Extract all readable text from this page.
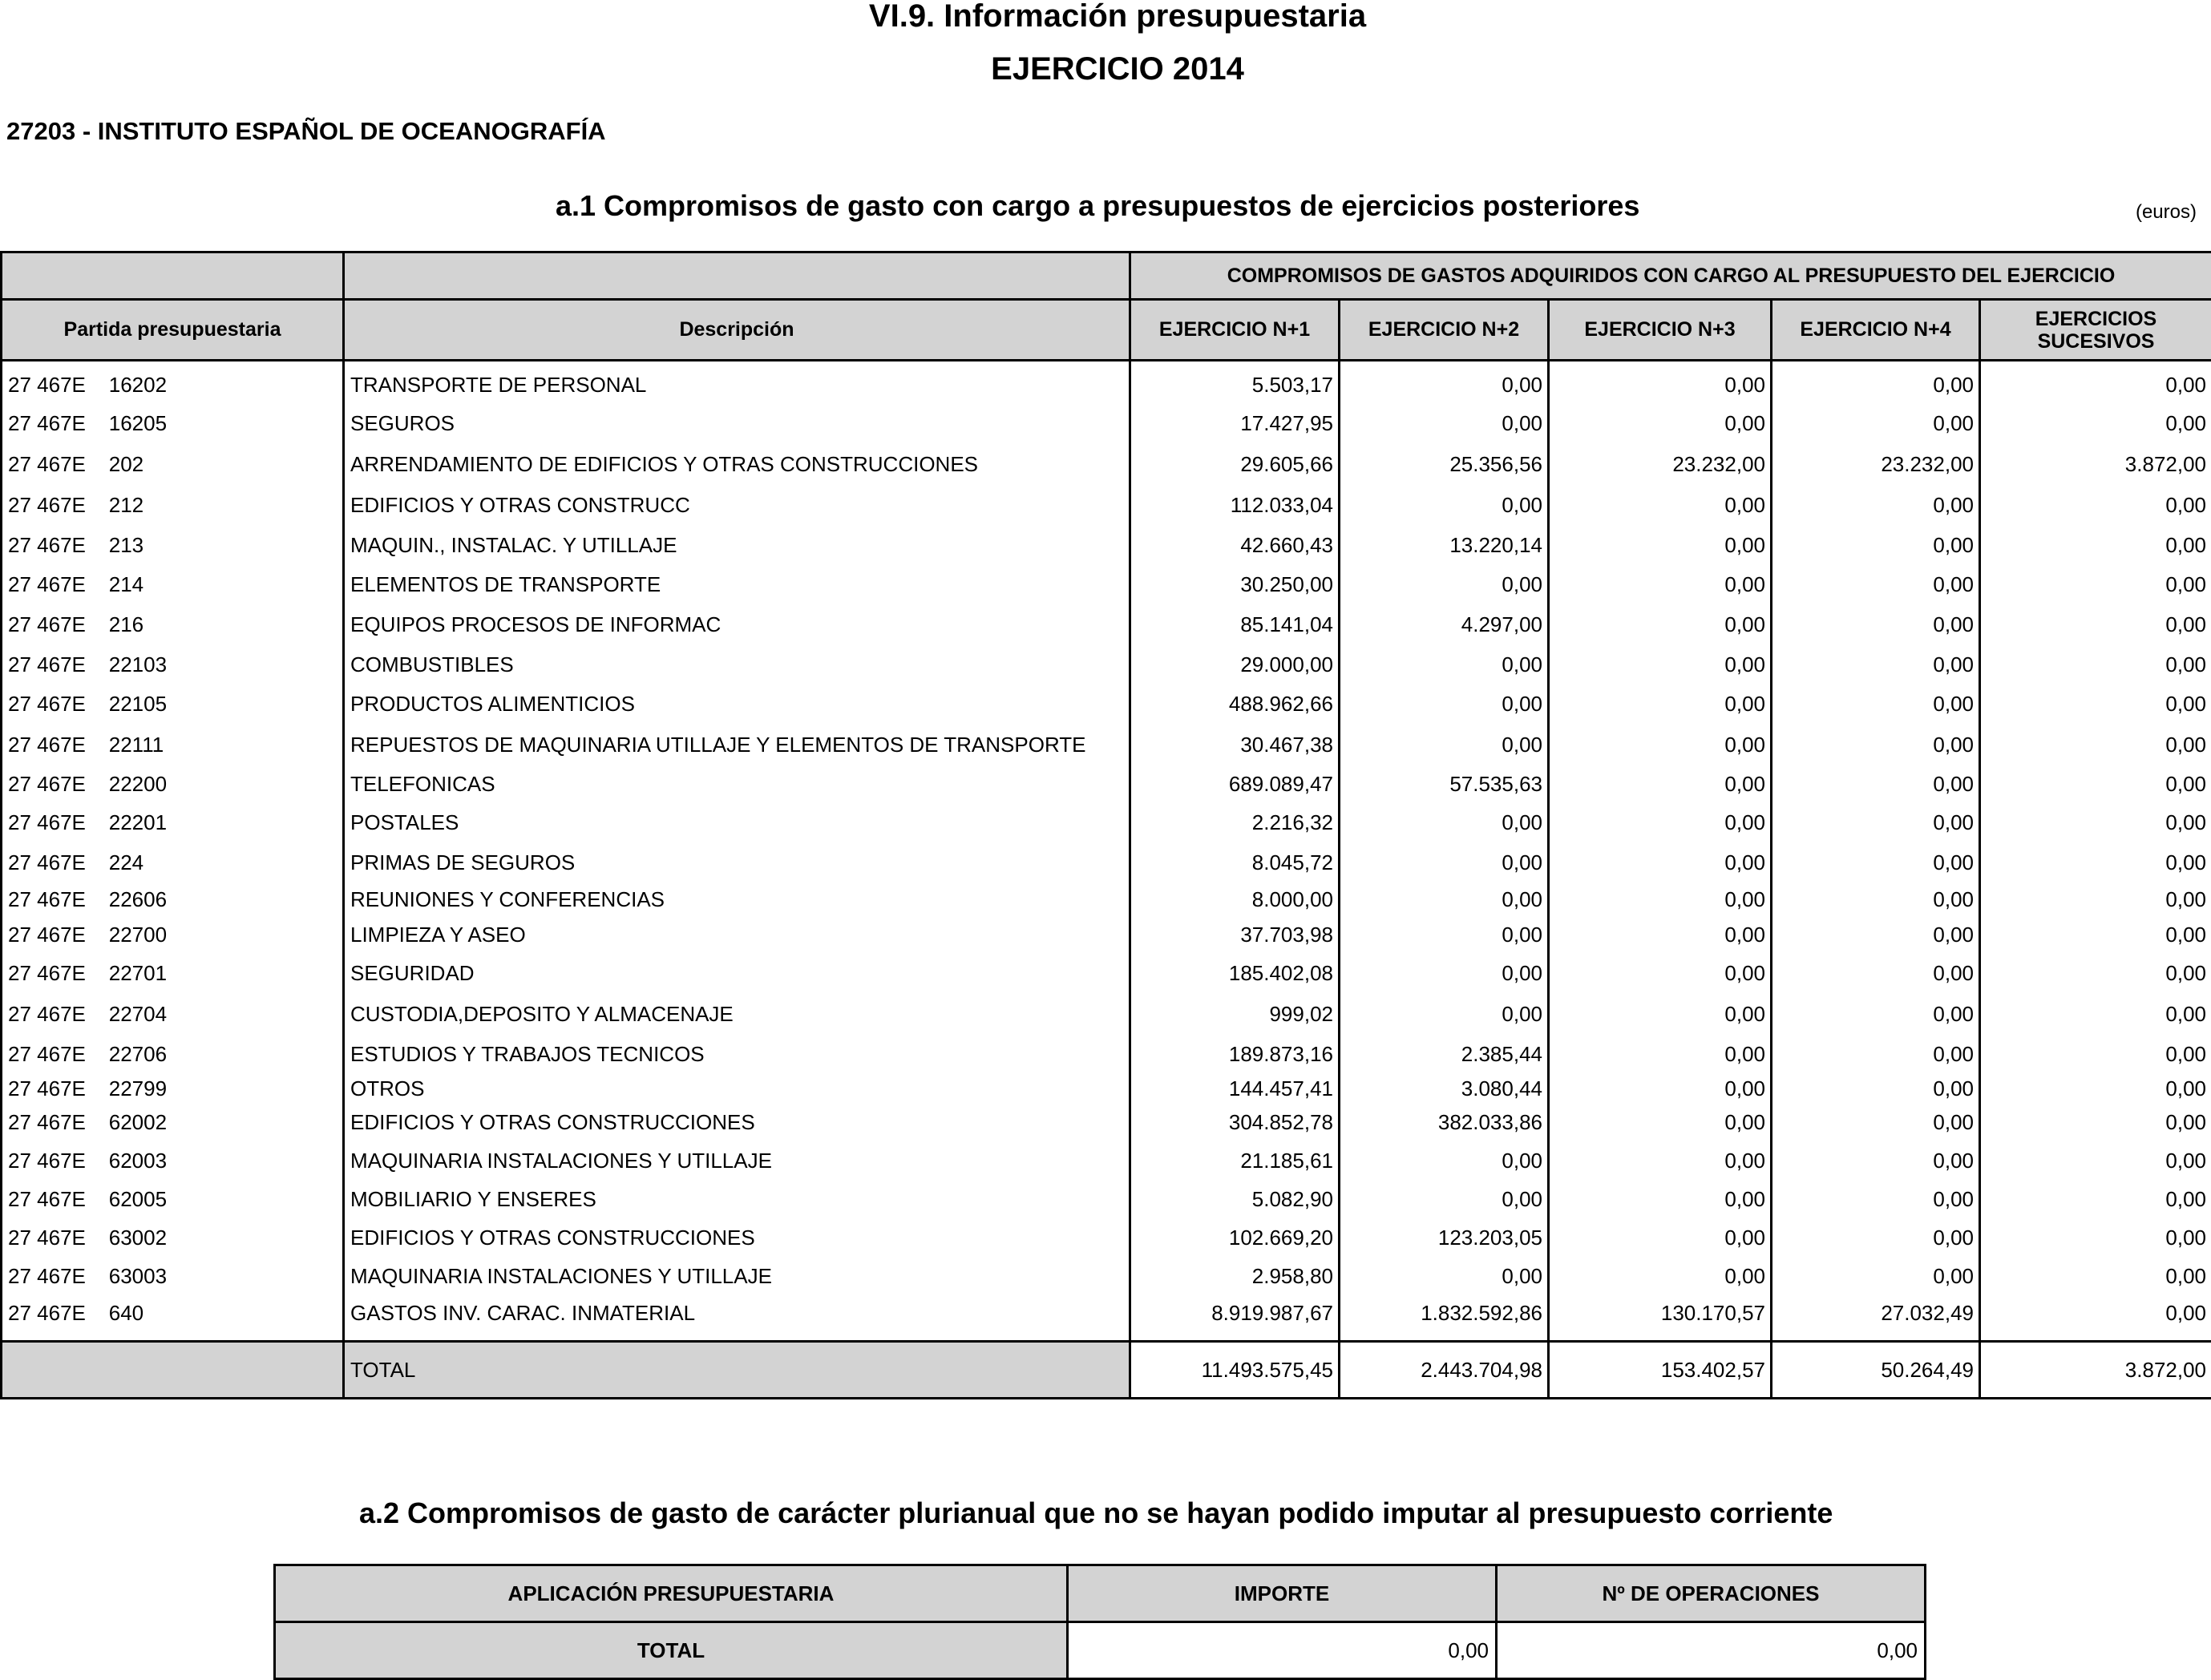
VI.9. Información presupuestaria
EJERCICIO 2014
27203 - INSTITUTO ESPAÑOL DE OCEANOGRAFÍA
a.1 Compromisos de gasto con cargo a presupuestos de ejercicios posteriores	(euros)
		COMPROMISOS DE GASTOS ADQUIRIDOS CON CARGO AL PRESUPUESTO DEL EJERCICIO				
Partida presupuestaria	Descripción	EJERCICIO N+1	EJERCICIO N+2	EJERCICIO N+3	EJERCICIO N+4	EJERCICIOS SUCESIVOS
27 467E    16202	TRANSPORTE DE PERSONAL	5.503,17	0,00	0,00	0,00	0,00
27 467E    16205	SEGUROS	17.427,95	0,00	0,00	0,00	0,00
27 467E    202	ARRENDAMIENTO DE EDIFICIOS Y OTRAS CONSTRUCCIONES	29.605,66	25.356,56	23.232,00	23.232,00	3.872,00
27 467E    212	EDIFICIOS Y OTRAS CONSTRUCC	112.033,04	0,00	0,00	0,00	0,00
27 467E    213	MAQUIN., INSTALAC. Y UTILLAJE	42.660,43	13.220,14	0,00	0,00	0,00
27 467E    214	ELEMENTOS DE TRANSPORTE	30.250,00	0,00	0,00	0,00	0,00
27 467E    216	EQUIPOS PROCESOS DE INFORMAC	85.141,04	4.297,00	0,00	0,00	0,00
27 467E    22103	COMBUSTIBLES	29.000,00	0,00	0,00	0,00	0,00
27 467E    22105	PRODUCTOS ALIMENTICIOS	488.962,66	0,00	0,00	0,00	0,00
27 467E    22111	REPUESTOS DE MAQUINARIA UTILLAJE Y ELEMENTOS DE TRANSPORTE	30.467,38	0,00	0,00	0,00	0,00
27 467E    22200	TELEFONICAS	689.089,47	57.535,63	0,00	0,00	0,00
27 467E    22201	POSTALES	2.216,32	0,00	0,00	0,00	0,00
27 467E    224	PRIMAS DE SEGUROS	8.045,72	0,00	0,00	0,00	0,00
27 467E    22606	REUNIONES Y CONFERENCIAS	8.000,00	0,00	0,00	0,00	0,00
27 467E    22700	LIMPIEZA Y ASEO	37.703,98	0,00	0,00	0,00	0,00
27 467E    22701	SEGURIDAD	185.402,08	0,00	0,00	0,00	0,00
27 467E    22704	CUSTODIA,DEPOSITO Y ALMACENAJE	999,02	0,00	0,00	0,00	0,00
27 467E    22706	ESTUDIOS Y TRABAJOS TECNICOS	189.873,16	2.385,44	0,00	0,00	0,00
27 467E    22799	OTROS	144.457,41	3.080,44	0,00	0,00	0,00
27 467E    62002	EDIFICIOS Y OTRAS CONSTRUCCIONES	304.852,78	382.033,86	0,00	0,00	0,00
27 467E    62003	MAQUINARIA INSTALACIONES Y UTILLAJE	21.185,61	0,00	0,00	0,00	0,00
27 467E    62005	MOBILIARIO Y ENSERES	5.082,90	0,00	0,00	0,00	0,00
27 467E    63002	EDIFICIOS Y OTRAS CONSTRUCCIONES	102.669,20	123.203,05	0,00	0,00	0,00
27 467E    63003	MAQUINARIA INSTALACIONES Y UTILLAJE	2.958,80	0,00	0,00	0,00	0,00
27 467E    640	GASTOS INV. CARAC. INMATERIAL	8.919.987,67	1.832.592,86	130.170,57	27.032,49	0,00

	TOTAL	11.493.575,45	2.443.704,98	153.402,57	50.264,49	3.872,00
a.2 Compromisos de gasto de carácter plurianual que no se hayan podido imputar al presupuesto corriente
APLICACIÓN PRESUPUESTARIA	IMPORTE	Nº DE OPERACIONES
TOTAL	0,00	0,00
